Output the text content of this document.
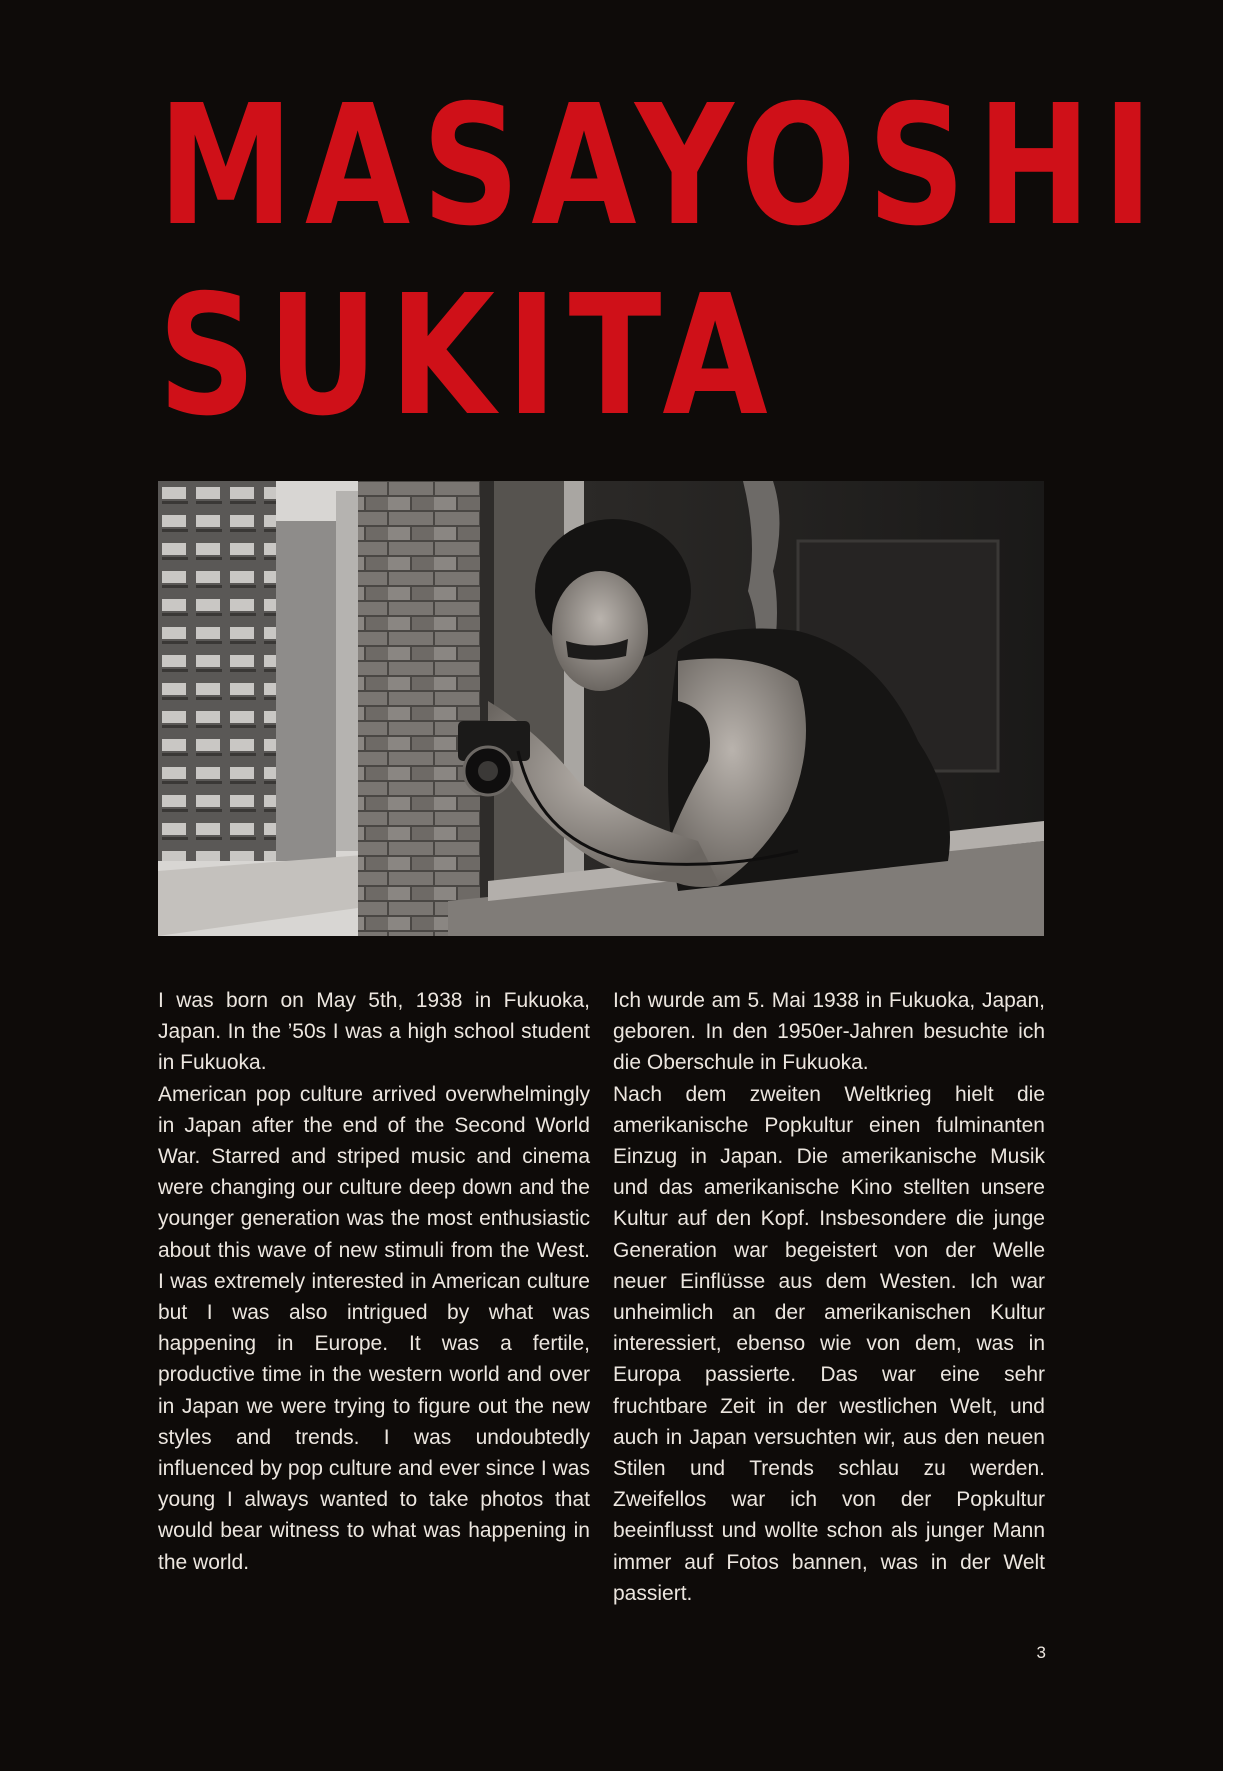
MASAYOSHI
SUKITA

I was born on May 5th, 1938 in Fukuoka, Japan. In the ’50s I was a high school student in Fukuoka.

American pop culture arrived overwhelmingly in Japan after the end of the Second World War. Starred and striped music and cinema were changing our culture deep down and the younger generation was the most enthusiastic about this wave of new stimuli from the West. I was extremely interested in American culture but I was also intrigued by what was happening in Europe. It was a fertile, productive time in the western world and over in Japan we were trying to figure out the new styles and trends. I was undoubtedly influenced by pop culture and ever since I was young I always wanted to take photos that would bear witness to what was happening in the world.

Ich wurde am 5. Mai 1938 in Fukuoka, Japan, geboren. In den 1950er-Jahren besuchte ich die Oberschule in Fukuoka.

Nach dem zweiten Weltkrieg hielt die amerikanische Popkultur einen fulminanten Einzug in Japan. Die amerikanische Musik und das amerikanische Kino stellten unsere Kultur auf den Kopf. Insbesondere die junge Generation war begeistert von der Welle neuer Einflüsse aus dem Westen. Ich war unheimlich an der amerikanischen Kultur interessiert, ebenso wie von dem, was in Europa passierte. Das war eine sehr fruchtbare Zeit in der westlichen Welt, und auch in Japan versuchten wir, aus den neuen Stilen und Trends schlau zu werden. Zweifellos war ich von der Popkultur beeinflusst und wollte schon als junger Mann immer auf Fotos bannen, was in der Welt passiert.

3
